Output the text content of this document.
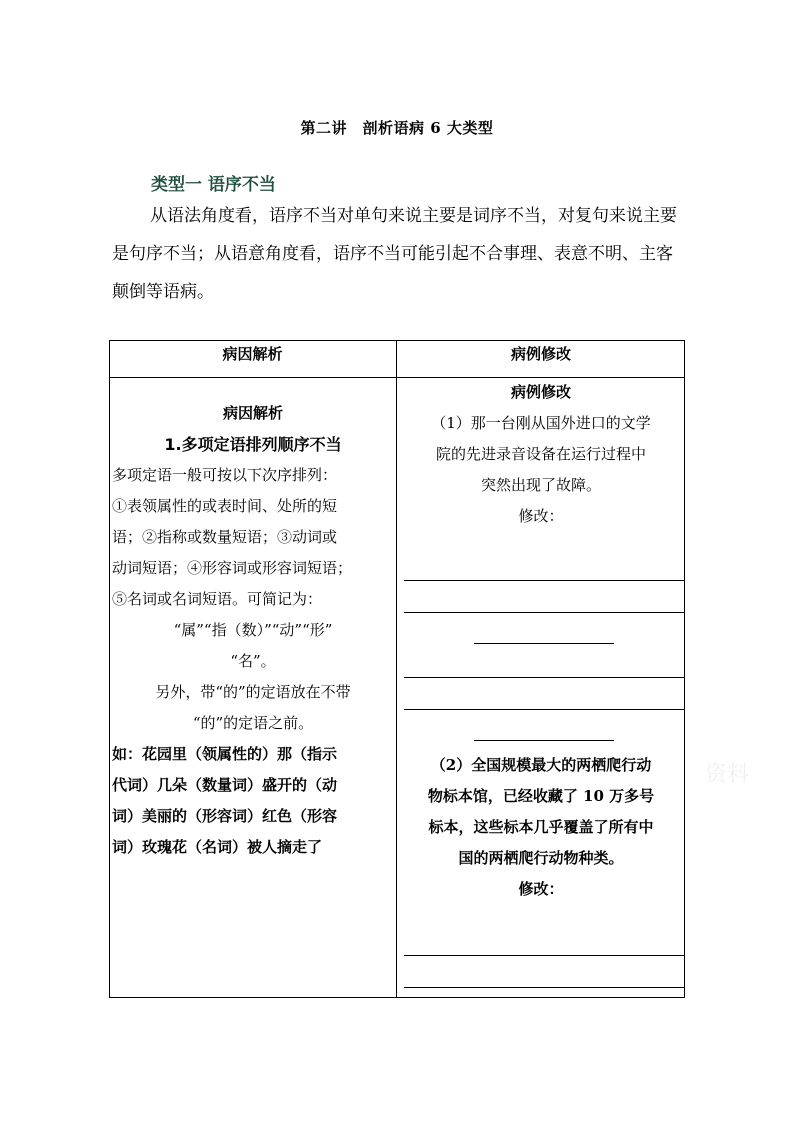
第二讲　剖析语病 6 大类型
类型一 语序不当
从语法角度看，语序不当对单句来说主要是词序不当，对复句来说主要是句序不当；从语意角度看，语序不当可能引起不合事理、表意不明、主客颠倒等语病。
病因解析	病例修改
病因解析
1.多项定语排列顺序不当
多项定语一般可按以下次序排列：
①表领属性的或表时间、处所的短
语；②指称或数量短语；③动词或
动词短语；④形容词或形容词短语；
⑤名词或名词短语。可简记为：
“属”“指（数）”“动”“形”
“名”。
另外，带“的”的定语放在不带
“的”的定语之前。
如：花园里（领属性的）那（指示
代词）几朵（数量词）盛开的（动
词）美丽的（形容词）红色（形容
词）玫瑰花（名词）被人摘走了
病例修改
（1）那一台刚从国外进口的文学
院的先进录音设备在运行过程中
突然出现了故障。
修改：
（2）全国规模最大的两栖爬行动
物标本馆，已经收藏了 10 万多号
标本，这些标本几乎覆盖了所有中
国的两栖爬行动物种类。
修改：
资料
